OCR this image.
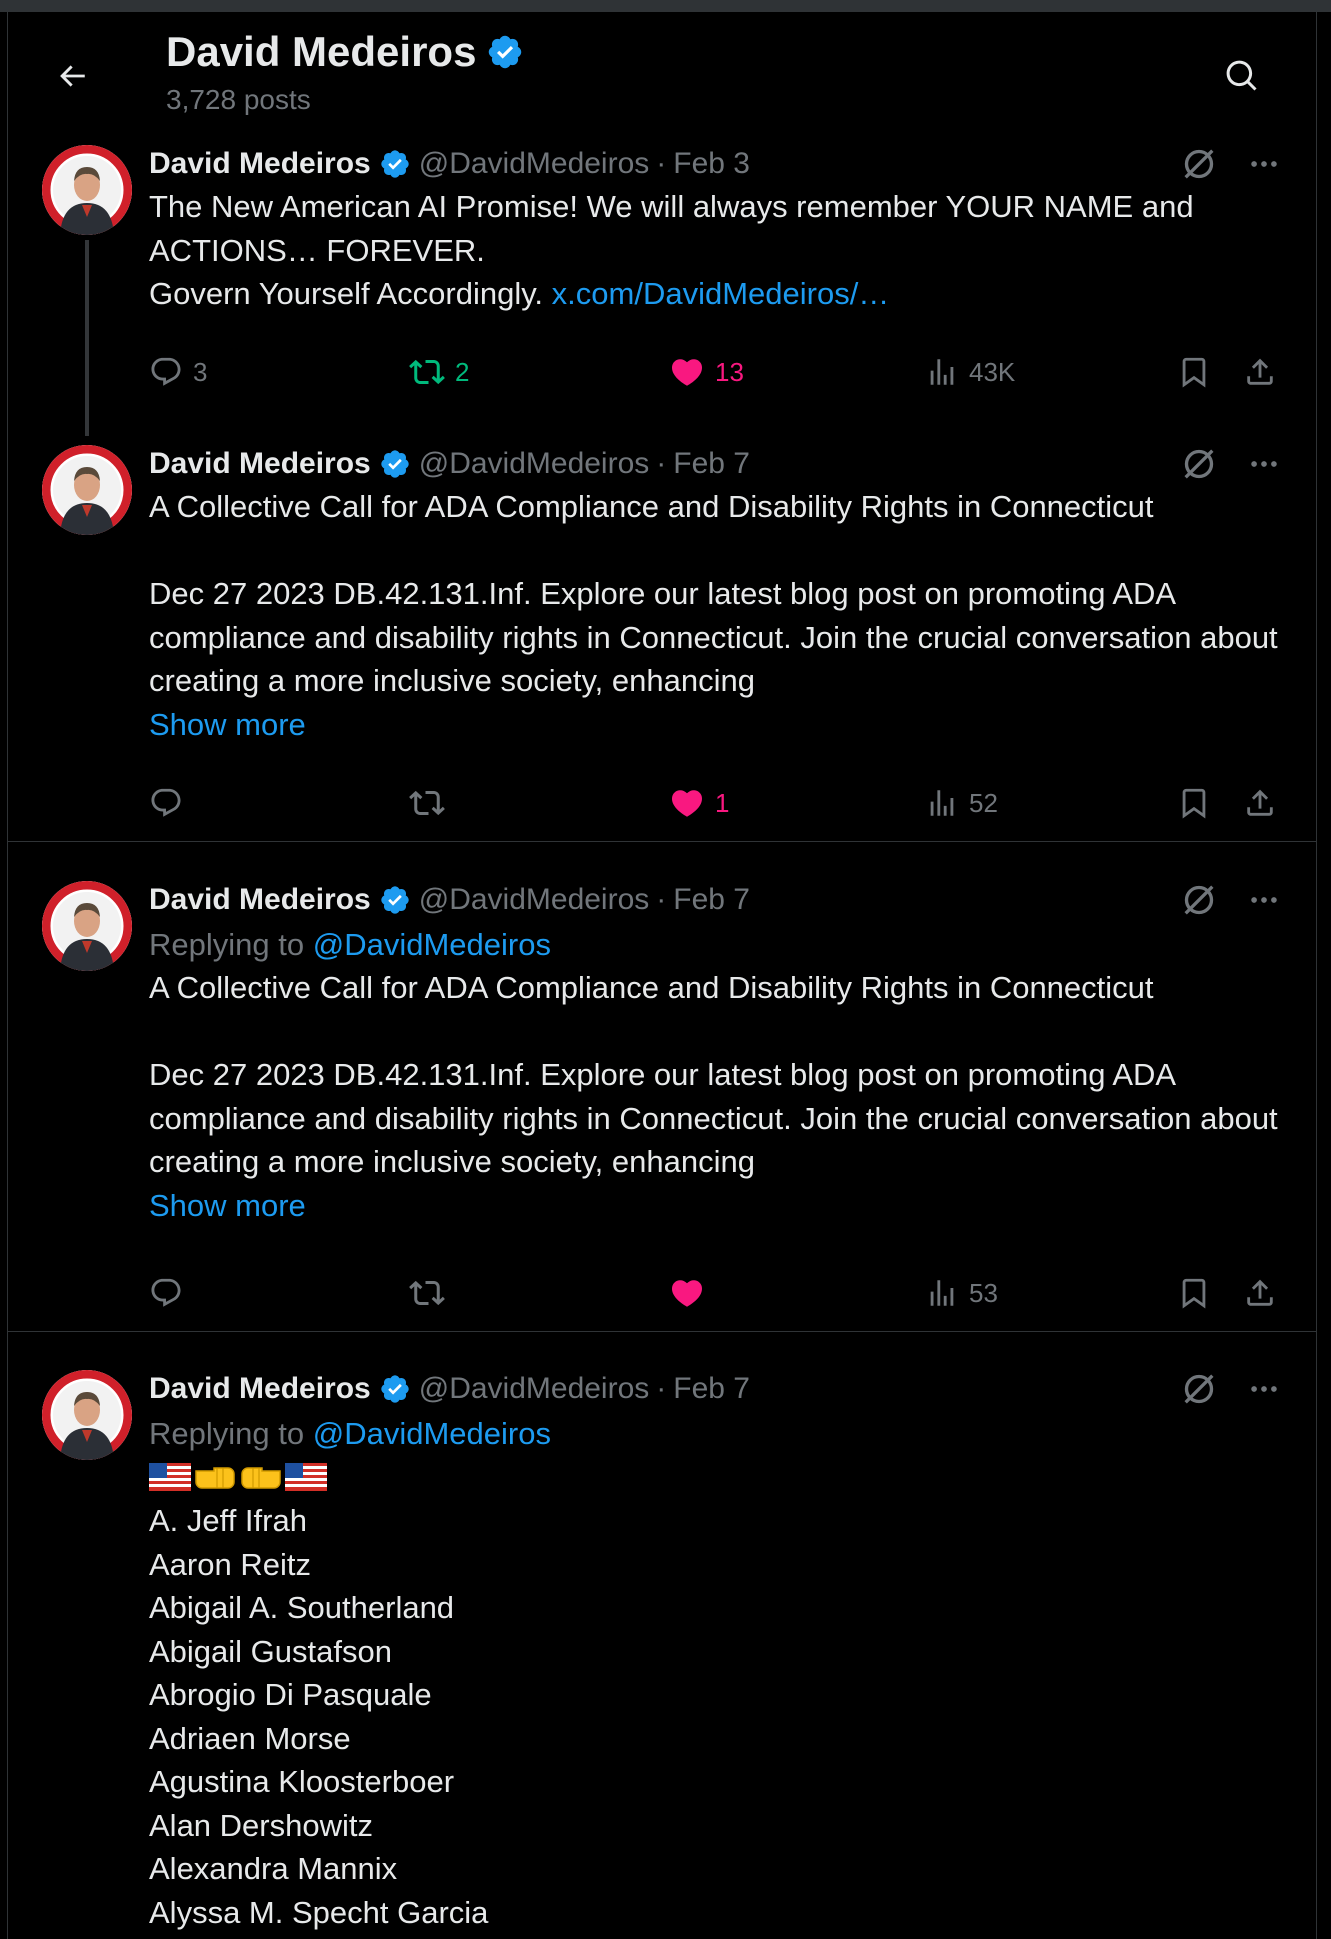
David Medeiros
3,728 posts
David Medeiros @DavidMedeiros · Feb 3
The New American AI Promise! We will always remember YOUR NAME and ACTIONS… FOREVER.
Govern Yourself Accordingly. x.com/DavidMedeiros/…
3	2	13	43K
David Medeiros @DavidMedeiros · Feb 7
A Collective Call for ADA Compliance and Disability Rights in Connecticut

Dec 27 2023 DB.42.131.Inf. Explore our latest blog post on promoting ADA compliance and disability rights in Connecticut. Join the crucial conversation about creating a more inclusive society, enhancing
Show more
1	52
David Medeiros @DavidMedeiros · Feb 7
Replying to @DavidMedeiros
A Collective Call for ADA Compliance and Disability Rights in Connecticut

Dec 27 2023 DB.42.131.Inf. Explore our latest blog post on promoting ADA compliance and disability rights in Connecticut. Join the crucial conversation about creating a more inclusive society, enhancing
Show more
53
David Medeiros @DavidMedeiros · Feb 7
Replying to @DavidMedeiros
A. Jeff Ifrah
Aaron Reitz
Abigail A. Southerland
Abigail Gustafson
Abrogio Di Pasquale
Adriaen Morse
Agustina Kloosterboer
Alan Dershowitz
Alexandra Mannix
Alyssa M. Specht Garcia
